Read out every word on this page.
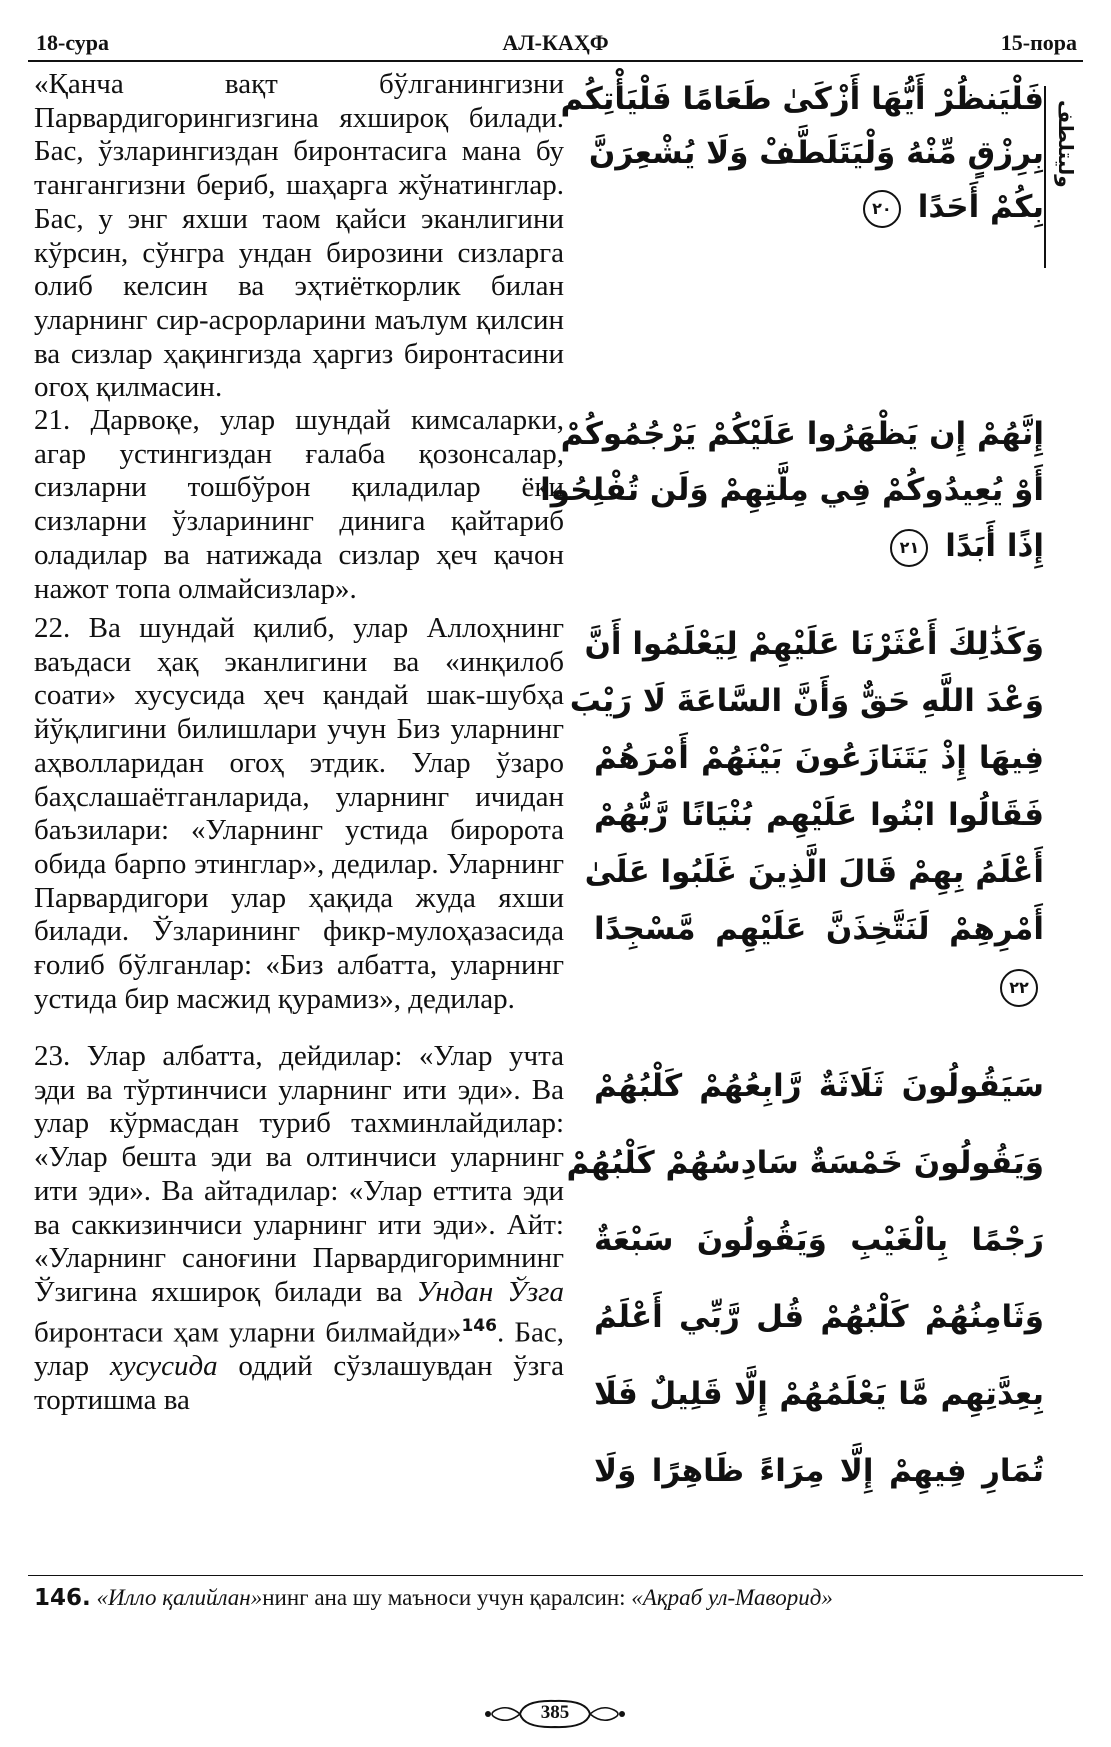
18-сура	АЛ-КАҲФ	15-пора
ولیتلطف
«Қанча вақт бўлганингизни Парвардигорингизгина яхшироқ билади. Бас, ўзларингиздан биронтасига мана бу тангангизни бериб, шаҳарга жўнатинглар. Бас, у энг яхши таом қайси эканлигини кўрсин, сўнгра ундан бирозини сизларга олиб келсин ва эҳтиёткорлик билан уларнинг сир-асрорларини маълум қилсин ва сизлар ҳақингизда ҳаргиз биронтасини огоҳ қилмасин.
فَلْيَنظُرْ أَيُّهَا أَزْكَىٰ طَعَامًا فَلْيَأْتِكُم
بِرِزْقٍ مِّنْهُ وَلْيَتَلَطَّفْ وَلَا يُشْعِرَنَّ
بِكُمْ أَحَدًا ٢٠
21. Дарвоқе, улар шундай кимсаларки, агар устингиздан ғалаба қозонсалар, сизларни тошбўрон қиладилар ёки сизларни ўзларининг динига қайтариб оладилар ва натижада сизлар ҳеч қачон нажот топа олмайсизлар».
إِنَّهُمْ إِن يَظْهَرُوا عَلَيْكُمْ يَرْجُمُوكُمْ
أَوْ يُعِيدُوكُمْ فِي مِلَّتِهِمْ وَلَن تُفْلِحُوا
إِذًا أَبَدًا ٢١
22. Ва шундай қилиб, улар Аллоҳнинг ваъдаси ҳақ эканлигини ва «инқилоб соати» хусусида ҳеч қандай шак-шубҳа йўқлигини билишлари учун Биз уларнинг аҳволларидан огоҳ этдик. Улар ўзаро баҳслашаётганларида, уларнинг ичидан баъзилари: «Уларнинг устида биророта обида барпо этинглар», дедилар. Уларнинг Парвардигори улар ҳақида жуда яхши билади. Ўзларининг фикр-мулоҳазасида ғолиб бўлганлар: «Биз албатта, уларнинг устида бир масжид қурамиз», дедилар.
وَكَذَٰلِكَ أَعْثَرْنَا عَلَيْهِمْ لِيَعْلَمُوا أَنَّ
وَعْدَ اللَّهِ حَقٌّ وَأَنَّ السَّاعَةَ لَا رَيْبَ
فِيهَا إِذْ يَتَنَازَعُونَ بَيْنَهُمْ أَمْرَهُمْ
فَقَالُوا ابْنُوا عَلَيْهِم بُنْيَانًا رَّبُّهُمْ
أَعْلَمُ بِهِمْ قَالَ الَّذِينَ غَلَبُوا عَلَىٰ
أَمْرِهِمْ لَنَتَّخِذَنَّ عَلَيْهِم مَّسْجِدًا ٢٢
23. Улар албатта, дейдилар: «Улар учта эди ва тўртинчиси уларнинг ити эди». Ва улар кўрмасдан туриб тахминлайдилар: «Улар бешта эди ва олтинчиси уларнинг ити эди». Ва айтадилар: «Улар еттита эди ва саккизинчиси уларнинг ити эди». Айт: «Уларнинг саноғини Парвардигоримнинг Ўзигина яхшироқ билади ва Ундан Ўзга биронтаси ҳам уларни билмайди»$^{146}$. Бас, улар хусусида оддий сўзлашувдан ўзга тортишма ва
سَيَقُولُونَ ثَلَاثَةٌ رَّابِعُهُمْ كَلْبُهُمْ
وَيَقُولُونَ خَمْسَةٌ سَادِسُهُمْ كَلْبُهُمْ
رَجْمًا بِالْغَيْبِ وَيَقُولُونَ سَبْعَةٌ
وَثَامِنُهُمْ كَلْبُهُمْ قُل رَّبِّي أَعْلَمُ
بِعِدَّتِهِم مَّا يَعْلَمُهُمْ إِلَّا قَلِيلٌ فَلَا
تُمَارِ فِيهِمْ إِلَّا مِرَاءً ظَاهِرًا وَلَا
146. «Илло қалийлан»нинг ана шу маъноси учун қаралсин: «Ақраб ул-Маворид»
385
